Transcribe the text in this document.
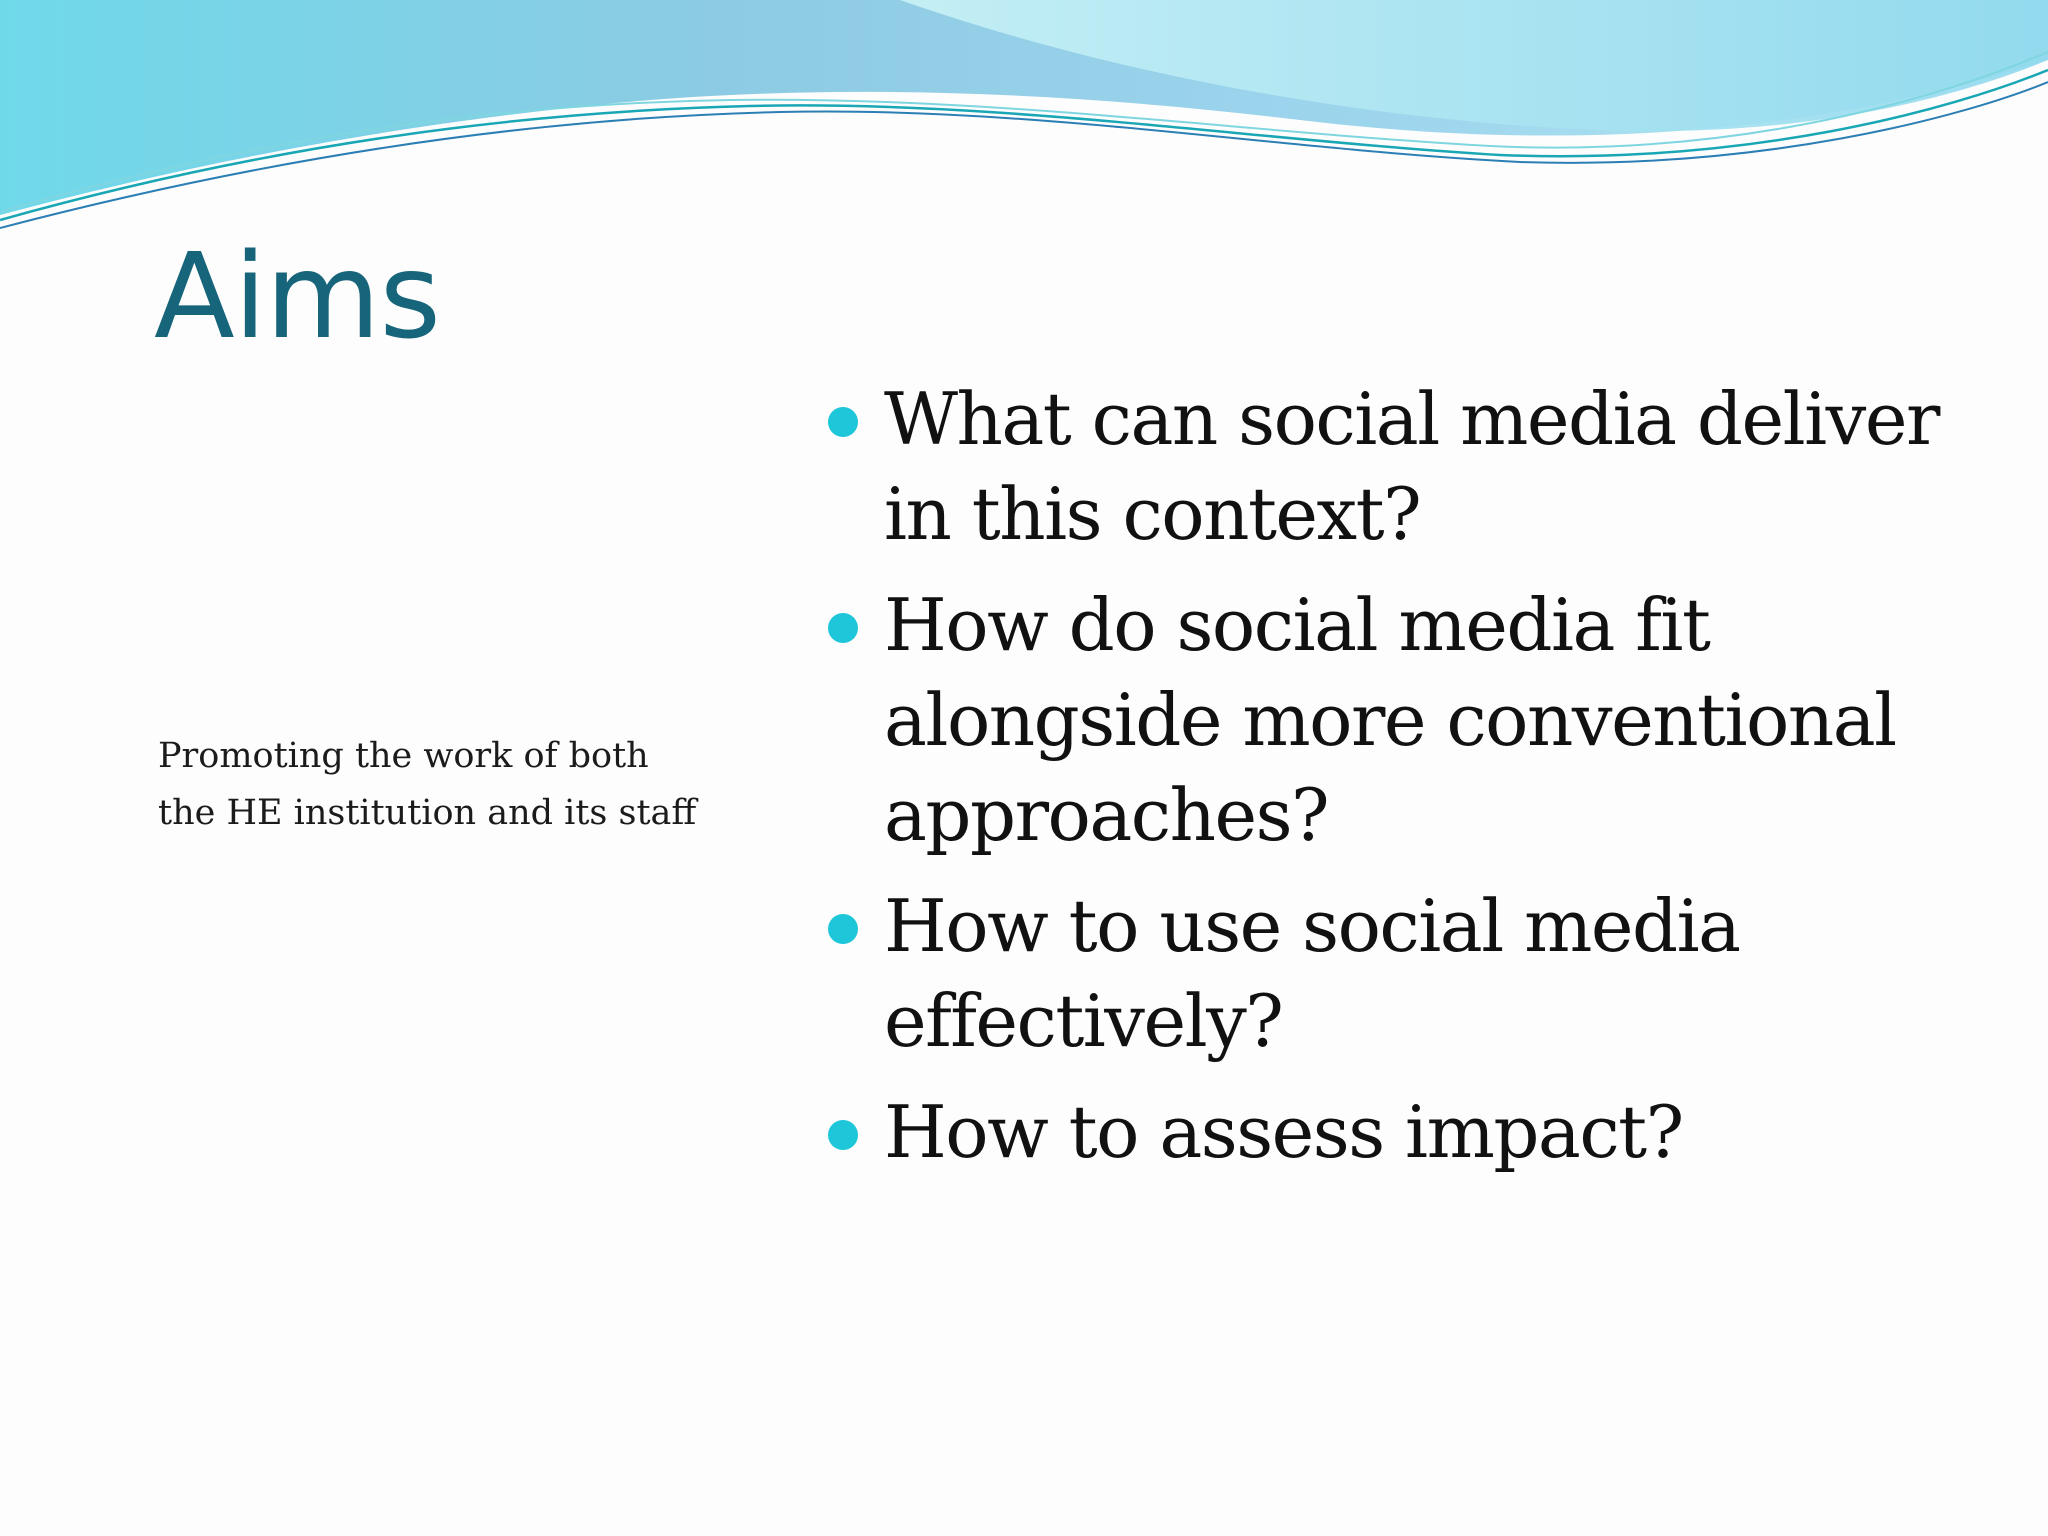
Aims
Promoting the work of both
the HE institution and its staff
What can social media deliver
in this context?
How do social media fit
alongside more conventional
approaches?
How to use social media
effectively?
How to assess impact?
